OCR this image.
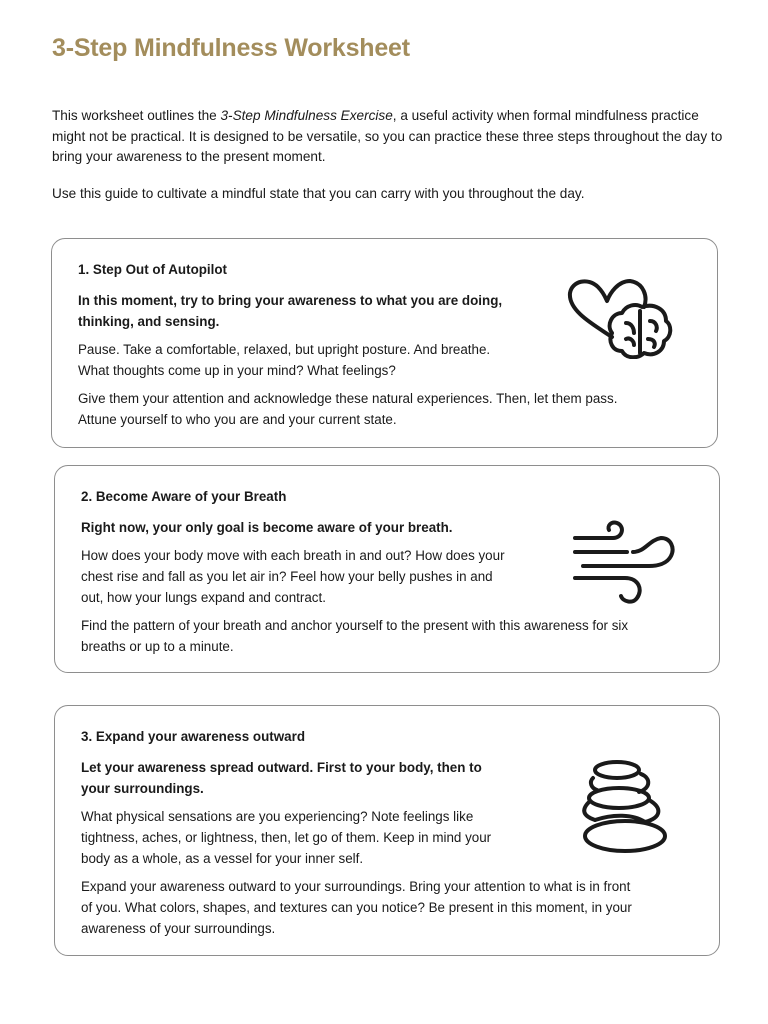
3-Step Mindfulness Worksheet

This worksheet outlines the 3-Step Mindfulness Exercise, a useful activity when formal mindfulness practice might not be practical. It is designed to be versatile, so you can practice these three steps throughout the day to bring your awareness to the present moment.

Use this guide to cultivate a mindful state that you can carry with you throughout the day.

1. Step Out of Autopilot
In this moment, try to bring your awareness to what you are doing,
thinking, and sensing.

Pause. Take a comfortable, relaxed, but upright posture. And breathe.
What thoughts come up in your mind? What feelings?

Give them your attention and acknowledge these natural experiences. Then, let them pass.
Attune yourself to who you are and your current state.

2. Become Aware of your Breath
Right now, your only goal is become aware of your breath.

How does your body move with each breath in and out? How does your
chest rise and fall as you let air in? Feel how your belly pushes in and
out, how your lungs expand and contract.

Find the pattern of your breath and anchor yourself to the present with this awareness for six
breaths or up to a minute.

3. Expand your awareness outward
Let your awareness spread outward. First to your body, then to
your surroundings.

What physical sensations are you experiencing? Note feelings like
tightness, aches, or lightness, then, let go of them. Keep in mind your
body as a whole, as a vessel for your inner self.

Expand your awareness outward to your surroundings. Bring your attention to what is in front
of you. What colors, shapes, and textures can you notice? Be present in this moment, in your
awareness of your surroundings.
